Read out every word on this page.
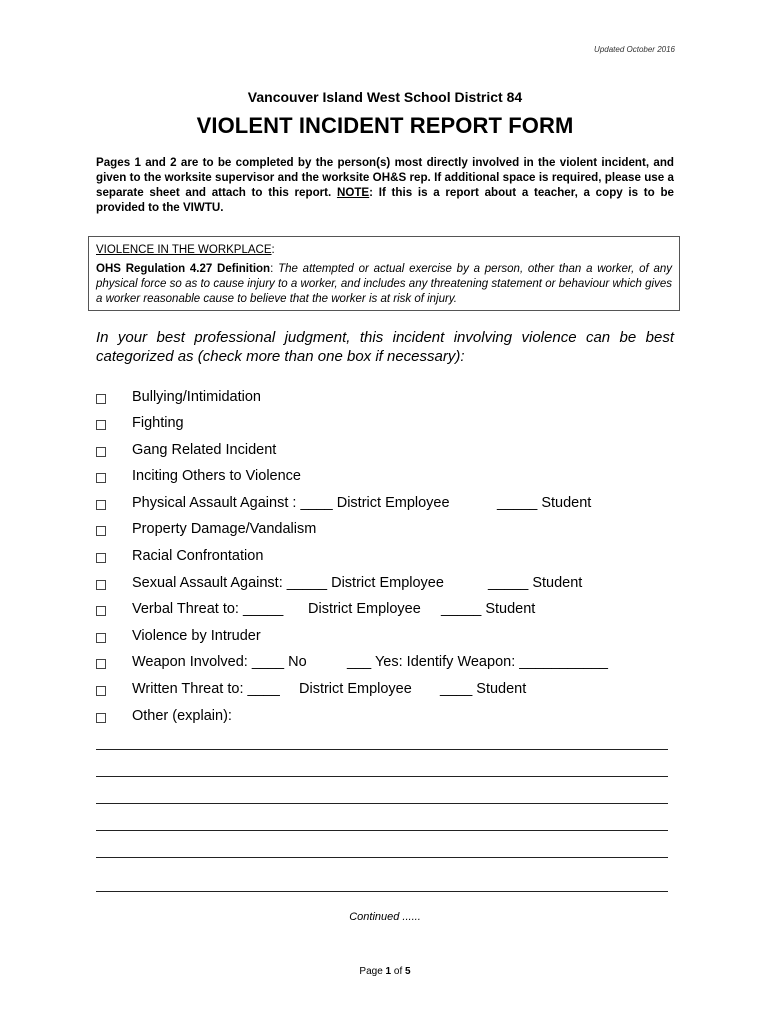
Updated October 2016
Vancouver Island West School District 84
VIOLENT INCIDENT REPORT FORM
Pages 1 and 2 are to be completed by the person(s) most directly involved in the violent incident, and given to the worksite supervisor and the worksite OH&S rep. If additional space is required, please use a separate sheet and attach to this report. NOTE: If this is a report about a teacher, a copy is to be provided to the VIWTU.
VIOLENCE IN THE WORKPLACE:
OHS Regulation 4.27 Definition: The attempted or actual exercise by a person, other than a worker, of any physical force so as to cause injury to a worker, and includes any threatening statement or behaviour which gives a worker reasonable cause to believe that the worker is at risk of injury.
In your best professional judgment, this incident involving violence can be best categorized as (check more than one box if necessary):
Bullying/Intimidation
Fighting
Gang Related Incident
Inciting Others to Violence
Physical Assault Against : ____ District Employee	_____ Student
Property Damage/Vandalism
Racial Confrontation
Sexual Assault Against: _____ District Employee	_____ Student
Verbal Threat to: _____ District Employee _____ Student
Violence by Intruder
Weapon Involved: ____ No	___ Yes: Identify Weapon: ___________
Written Threat to: ____ District Employee ____ Student
Other (explain):
Continued ......
Page 1 of 5
